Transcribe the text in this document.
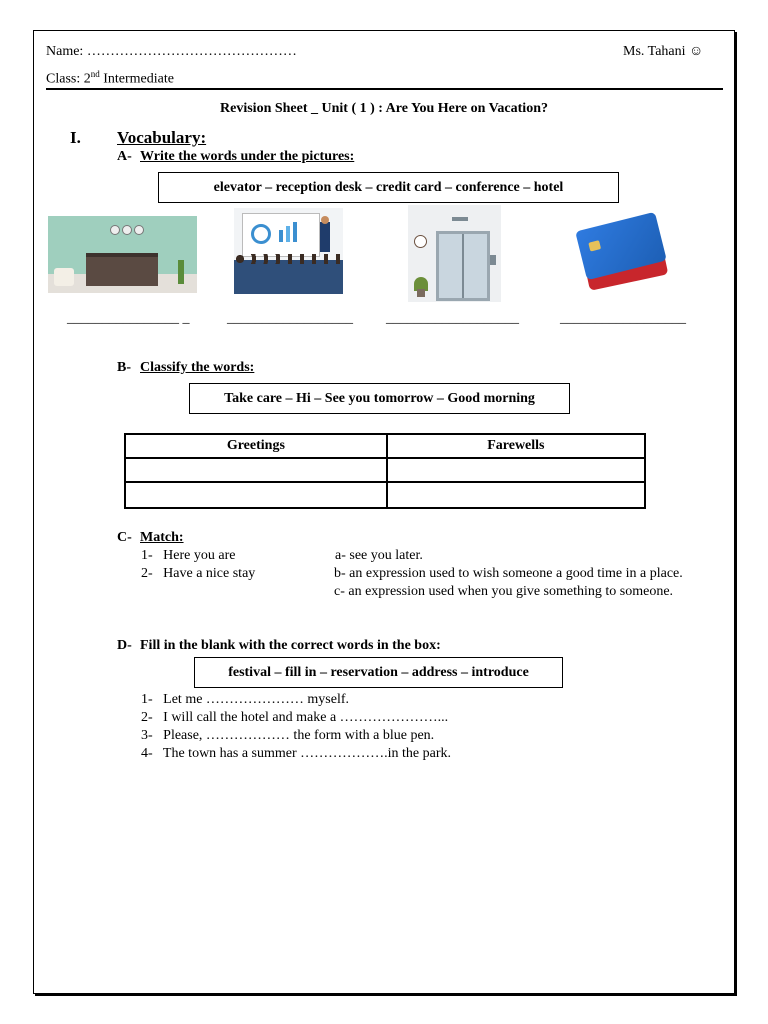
Name: ………………………………………	Ms. Tahani ☺
Class: 2nd Intermediate
Revision Sheet _ Unit ( 1 ) : Are You Here on Vacation?
I. Vocabulary:
A- Write the words under the pictures:
elevator – reception desk – credit card – conference – hotel
________________ _	__________________ ___________________	__________________
B- Classify the words:
Take care – Hi – See you tomorrow – Good morning
Greetings	Farewells

C- Match:
1-   Here you are
2-   Have a nice stay
a- see you later.
b- an expression used to wish someone a good time in a place.
c- an expression used when you give something to someone.
D- Fill in the blank with the correct words in the box:
festival – fill in – reservation – address – introduce
1-   Let me ………………… myself.
2-   I will call the hotel and make a …………………...
3-   Please, ……………… the form with a blue pen.
4-   The town has a summer ……………….in the park.
